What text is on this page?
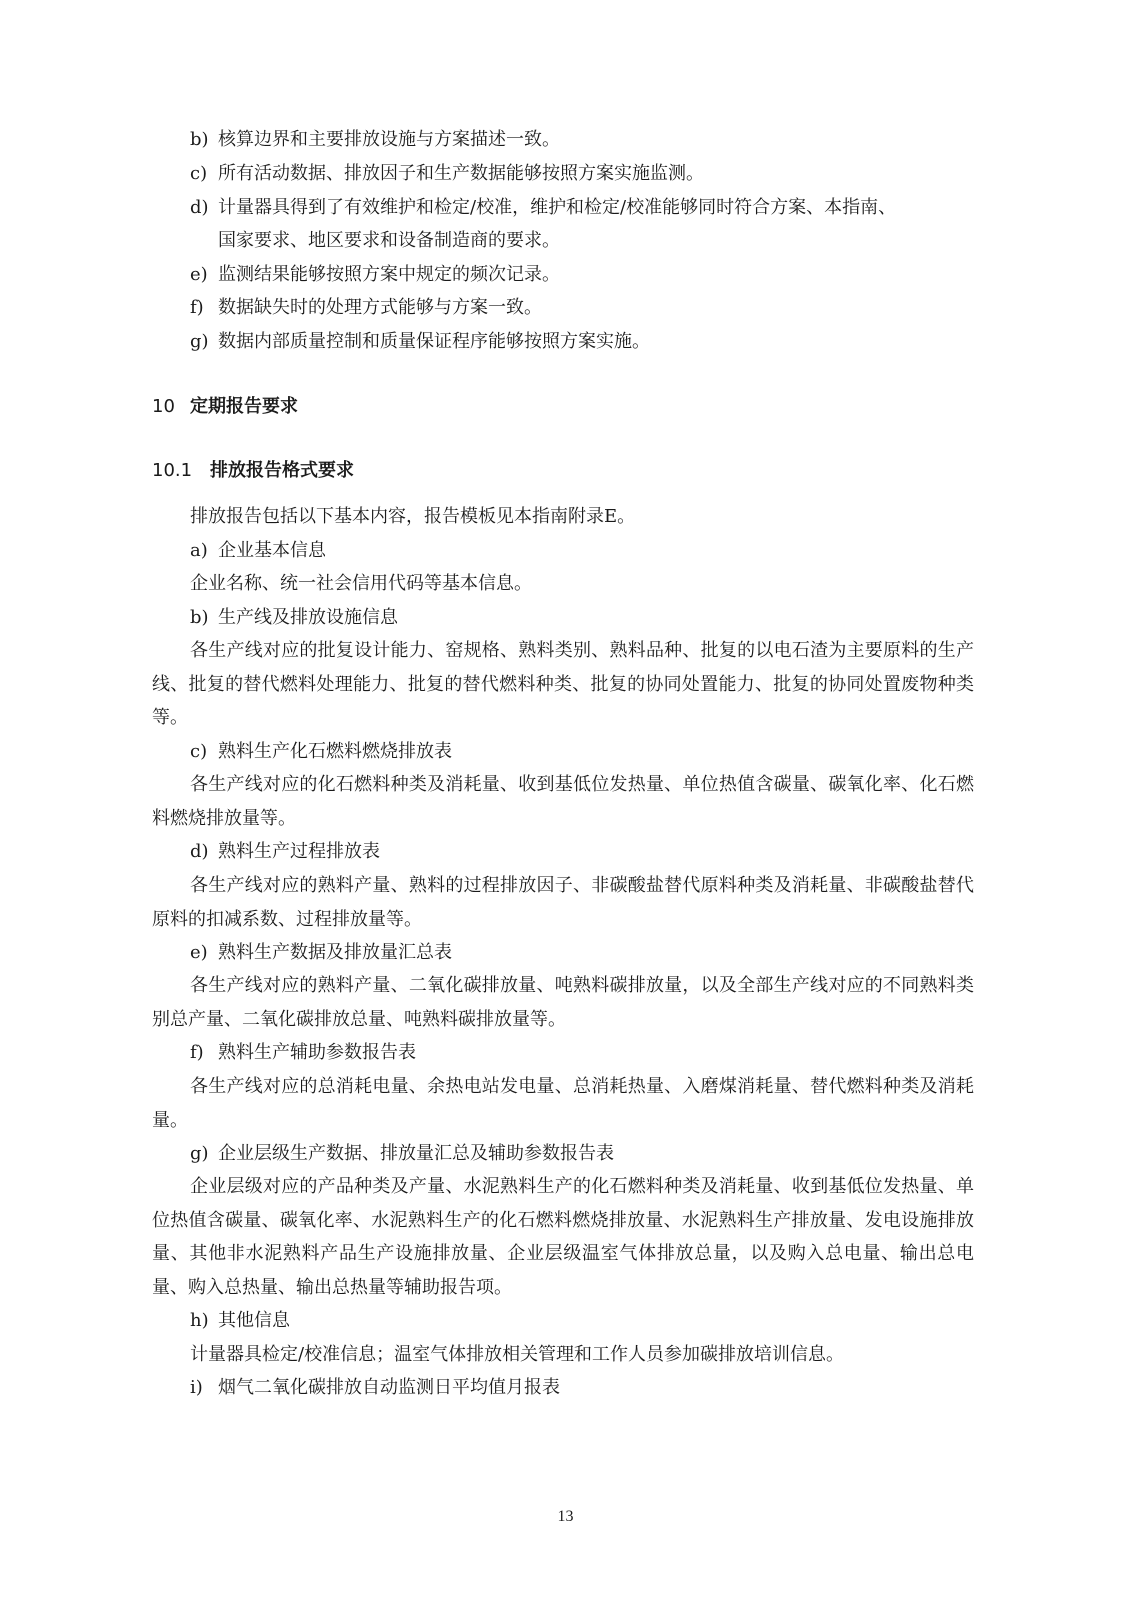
b) 核算边界和主要排放设施与方案描述一致。
c) 所有活动数据、排放因子和生产数据能够按照方案实施监测。
d) 计量器具得到了有效维护和检定/校准，维护和检定/校准能够同时符合方案、本指南、
国家要求、地区要求和设备制造商的要求。
e) 监测结果能够按照方案中规定的频次记录。
f) 数据缺失时的处理方式能够与方案一致。
g) 数据内部质量控制和质量保证程序能够按照方案实施。
10 定期报告要求
10.1 排放报告格式要求
排放报告包括以下基本内容，报告模板见本指南附录E。
a) 企业基本信息
企业名称、统一社会信用代码等基本信息。
b) 生产线及排放设施信息
各生产线对应的批复设计能力、窑规格、熟料类别、熟料品种、批复的以电石渣为主要原料的生产线、批复的替代燃料处理能力、批复的替代燃料种类、批复的协同处置能力、批复的协同处置废物种类等。
c) 熟料生产化石燃料燃烧排放表
各生产线对应的化石燃料种类及消耗量、收到基低位发热量、单位热值含碳量、碳氧化率、化石燃料燃烧排放量等。
d) 熟料生产过程排放表
各生产线对应的熟料产量、熟料的过程排放因子、非碳酸盐替代原料种类及消耗量、非碳酸盐替代原料的扣减系数、过程排放量等。
e) 熟料生产数据及排放量汇总表
各生产线对应的熟料产量、二氧化碳排放量、吨熟料碳排放量，以及全部生产线对应的不同熟料类别总产量、二氧化碳排放总量、吨熟料碳排放量等。
f) 熟料生产辅助参数报告表
各生产线对应的总消耗电量、余热电站发电量、总消耗热量、入磨煤消耗量、替代燃料种类及消耗量。
g) 企业层级生产数据、排放量汇总及辅助参数报告表
企业层级对应的产品种类及产量、水泥熟料生产的化石燃料种类及消耗量、收到基低位发热量、单位热值含碳量、碳氧化率、水泥熟料生产的化石燃料燃烧排放量、水泥熟料生产排放量、发电设施排放量、其他非水泥熟料产品生产设施排放量、企业层级温室气体排放总量，以及购入总电量、输出总电量、购入总热量、输出总热量等辅助报告项。
h) 其他信息
计量器具检定/校准信息；温室气体排放相关管理和工作人员参加碳排放培训信息。
i) 烟气二氧化碳排放自动监测日平均值月报表
13
